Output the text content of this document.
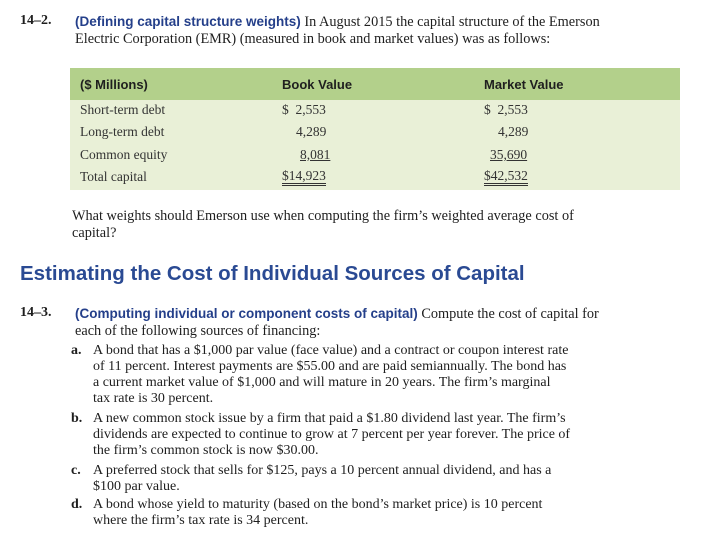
14–2. (Defining capital structure weights) In August 2015 the capital structure of the Emerson
Electric Corporation (EMR) (measured in book and market values) was as follows:
($ Millions)	Book Value	Market Value
Short-term debt	$  2,553	$  2,553
Long-term debt	4,289	4,289
Common equity	8,081	35,690
Total capital	$14,923	$42,532
What weights should Emerson use when computing the firm’s weighted average cost of
capital?
Estimating the Cost of Individual Sources of Capital
14–3. (Computing individual or component costs of capital) Compute the cost of capital for
each of the following sources of financing:
a. A bond that has a $1,000 par value (face value) and a contract or coupon interest rate
of 11 percent. Interest payments are $55.00 and are paid semiannually. The bond has
a current market value of $1,000 and will mature in 20 years. The firm’s marginal
tax rate is 30 percent.
b. A new common stock issue by a firm that paid a $1.80 dividend last year. The firm’s
dividends are expected to continue to grow at 7 percent per year forever. The price of
the firm’s common stock is now $30.00.
c. A preferred stock that sells for $125, pays a 10 percent annual dividend, and has a
$100 par value.
d. A bond whose yield to maturity (based on the bond’s market price) is 10 percent
where the firm’s tax rate is 34 percent.
